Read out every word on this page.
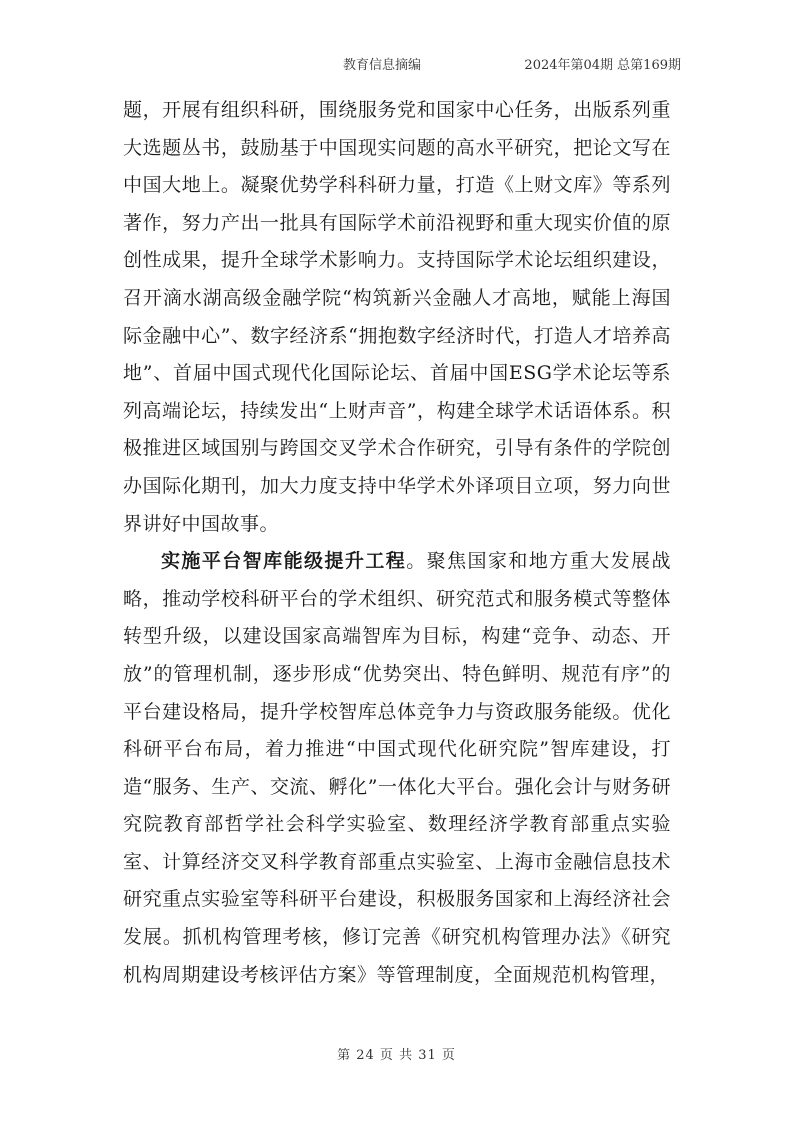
教育信息摘编	2024年第04期 总第169期

题，开展有组织科研，围绕服务党和国家中心任务，出版系列重大选题丛书，鼓励基于中国现实问题的高水平研究，把论文写在中国大地上。凝聚优势学科科研力量，打造《上财文库》等系列著作，努力产出一批具有国际学术前沿视野和重大现实价值的原创性成果，提升全球学术影响力。支持国际学术论坛组织建设，召开滴水湖高级金融学院“构筑新兴金融人才高地，赋能上海国际金融中心”、数字经济系“拥抱数字经济时代，打造人才培养高地”、首届中国式现代化国际论坛、首届中国ESG学术论坛等系列高端论坛，持续发出“上财声音”，构建全球学术话语体系。积极推进区域国别与跨国交叉学术合作研究，引导有条件的学院创办国际化期刊，加大力度支持中华学术外译项目立项，努力向世界讲好中国故事。

实施平台智库能级提升工程。聚焦国家和地方重大发展战略，推动学校科研平台的学术组织、研究范式和服务模式等整体转型升级，以建设国家高端智库为目标，构建“竞争、动态、开放”的管理机制，逐步形成“优势突出、特色鲜明、规范有序”的平台建设格局，提升学校智库总体竞争力与资政服务能级。优化科研平台布局，着力推进“中国式现代化研究院”智库建设，打造“服务、生产、交流、孵化”一体化大平台。强化会计与财务研究院教育部哲学社会科学实验室、数理经济学教育部重点实验室、计算经济交叉科学教育部重点实验室、上海市金融信息技术研究重点实验室等科研平台建设，积极服务国家和上海经济社会发展。抓机构管理考核，修订完善《研究机构管理办法》《研究机构周期建设考核评估方案》等管理制度，全面规范机构管理，

第 24 页 共 31 页
